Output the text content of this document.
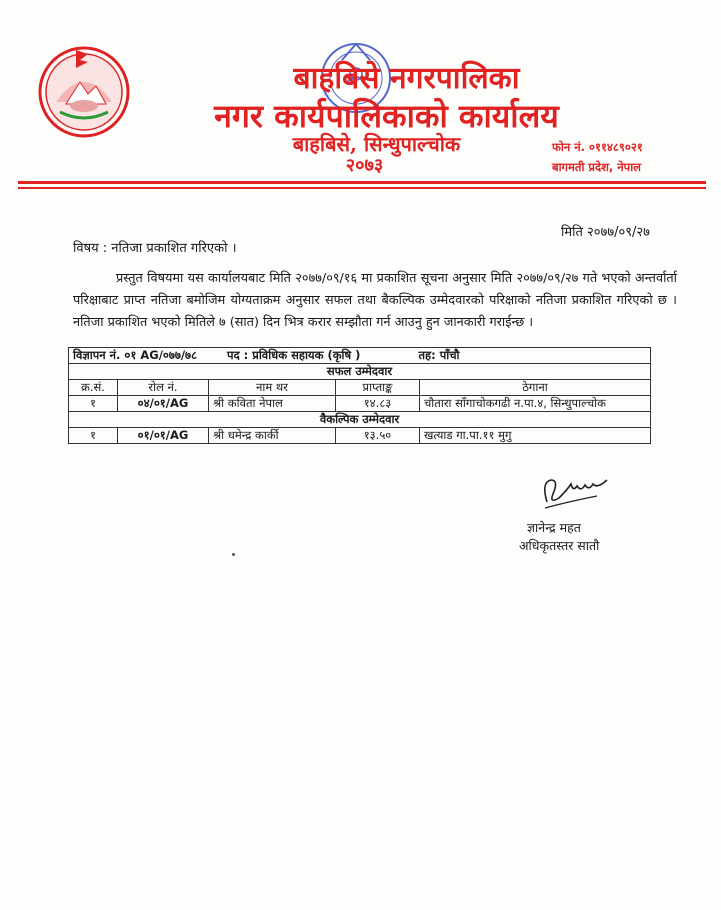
बाहबिसे नगरपालिका
नगर कार्यपालिकाको कार्यालय
बाहबिसे, सिन्धुपाल्चोक
२०७३
फोन नं. ०११४८९०२१
बागमती प्रदेश, नेपाल
मिति २०७७/०९/२७
विषय : नतिजा प्रकाशित गरिएको ।
प्रस्तुत विषयमा यस कार्यालयबाट मिति २०७७/०९/१६ मा प्रकाशित सूचना अनुसार मिति २०७७/०९/२७ गते भएको अन्तर्वार्ता परिक्षाबाट प्राप्त नतिजा बमोजिम योग्यताक्रम अनुसार सफल तथा बैकल्पिक उम्मेदवारको परिक्षाको नतिजा प्रकाशित गरिएको छ । नतिजा प्रकाशित भएको मितिले ७ (सात) दिन भित्र करार सम्झौता गर्न आउनु हुन जानकारी गराईन्छ ।
विज्ञापन नं. ०१ AG/०७७/७८ पद : प्रविधिक सहायक (कृषि ) तह: पाँचौ				
सफल उम्मेदवार				
क्र.सं.	रोल नं.	नाम थर	प्राप्ताङ्क	ठेगाना
१	०४/०१/AG	श्री कविता नेपाल	१४.८३	चौतारा साँगाचोकगढी न.पा.४, सिन्धुपाल्चोक
वैकल्पिक उम्मेदवार				
१	०१/०१/AG	श्री धमेन्द्र कार्की	१३.५०	खत्याड गा.पा.११ मुगु
ज्ञानेन्द्र महत
अधिकृतस्तर सातौ
